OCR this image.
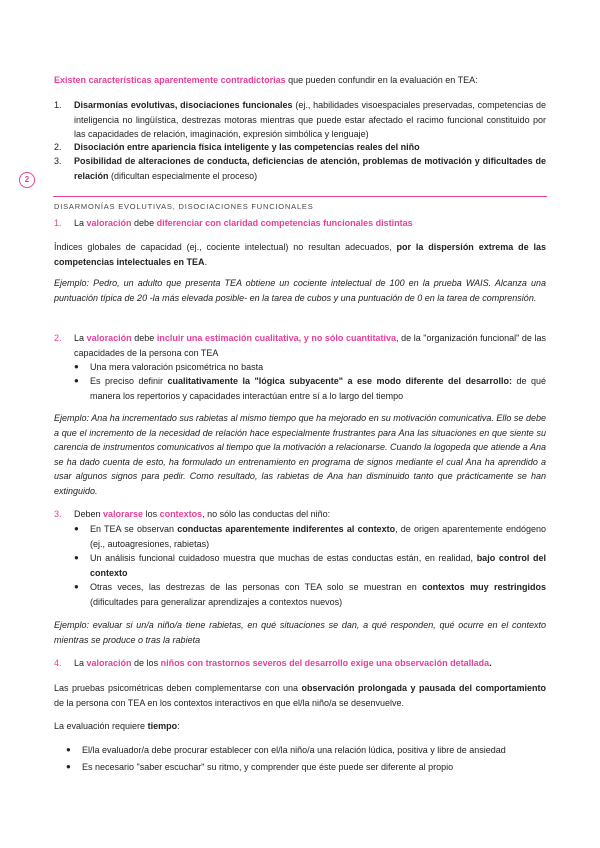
Existen características aparentemente contradictorias que pueden confundir en la evaluación en TEA:
1. Disarmonías evolutivas, disociaciones funcionales (ej., habilidades visoespaciales preservadas, competencias de inteligencia no lingüística, destrezas motoras mientras que puede estar afectado el racimo funcional constituido por las capacidades de relación, imaginación, expresión simbólica y lenguaje)
2. Disociación entre apariencia física inteligente y las competencias reales del niño
3. Posibilidad de alteraciones de conducta, deficiencias de atención, problemas de motivación y dificultades de relación (dificultan especialmente el proceso)
2
DISARMONÍAS EVOLUTIVAS, DISOCIACIONES FUNCIONALES
1. La valoración debe diferenciar con claridad competencias funcionales distintas
Índices globales de capacidad (ej., cociente intelectual) no resultan adecuados, por la dispersión extrema de las competencias intelectuales en TEA.
Ejemplo: Pedro, un adulto que presenta TEA obtiene un cociente intelectual de 100 en la prueba WAIS. Alcanza una puntuación típica de 20 -la más elevada posible- en la tarea de cubos y una puntuación de 0 en la tarea de comprensión.
2. La valoración debe incluir una estimación cualitativa, y no sólo cuantitativa, de la "organización funcional" de las capacidades de la persona con TEA
● Una mera valoración psicométrica no basta
● Es preciso definir cualitativamente la "lógica subyacente" a ese modo diferente del desarrollo: de qué manera los repertorios y capacidades interactúan entre sí a lo largo del tiempo
Ejemplo: Ana ha incrementado sus rabietas al mismo tiempo que ha mejorado en su motivación comunicativa. Ello se debe a que el incremento de la necesidad de relación hace especialmente frustrantes para Ana las situaciones en que siente su carencia de instrumentos comunicativos al tiempo que la motivación a relacionarse. Cuando la logopeda que atiende a Ana se ha dado cuenta de esto, ha formulado un entrenamiento en programa de signos mediante el cual Ana ha aprendido a usar algunos signos para pedir. Como resultado, las rabietas de Ana han disminuido tanto que prácticamente se han extinguido.
3. Deben valorarse los contextos, no sólo las conductas del niño:
● En TEA se observan conductas aparentemente indiferentes al contexto, de origen aparentemente endógeno (ej., autoagresiones, rabietas)
● Un análisis funcional cuidadoso muestra que muchas de estas conductas están, en realidad, bajo control del contexto
● Otras veces, las destrezas de las personas con TEA solo se muestran en contextos muy restringidos (dificultades para generalizar aprendizajes a contextos nuevos)
Ejemplo: evaluar si un/a niño/a tiene rabietas, en qué situaciones se dan, a qué responden, qué ocurre en el contexto mientras se produce o tras la rabieta
4. La valoración de los niños con trastornos severos del desarrollo exige una observación detallada.
Las pruebas psicométricas deben complementarse con una observación prolongada y pausada del comportamiento de la persona con TEA en los contextos interactivos en que el/la niño/a se desenvuelve.
La evaluación requiere tiempo:
● El/la evaluador/a debe procurar establecer con el/la niño/a una relación lúdica, positiva y libre de ansiedad
● Es necesario "saber escuchar" su ritmo, y comprender que éste puede ser diferente al propio
